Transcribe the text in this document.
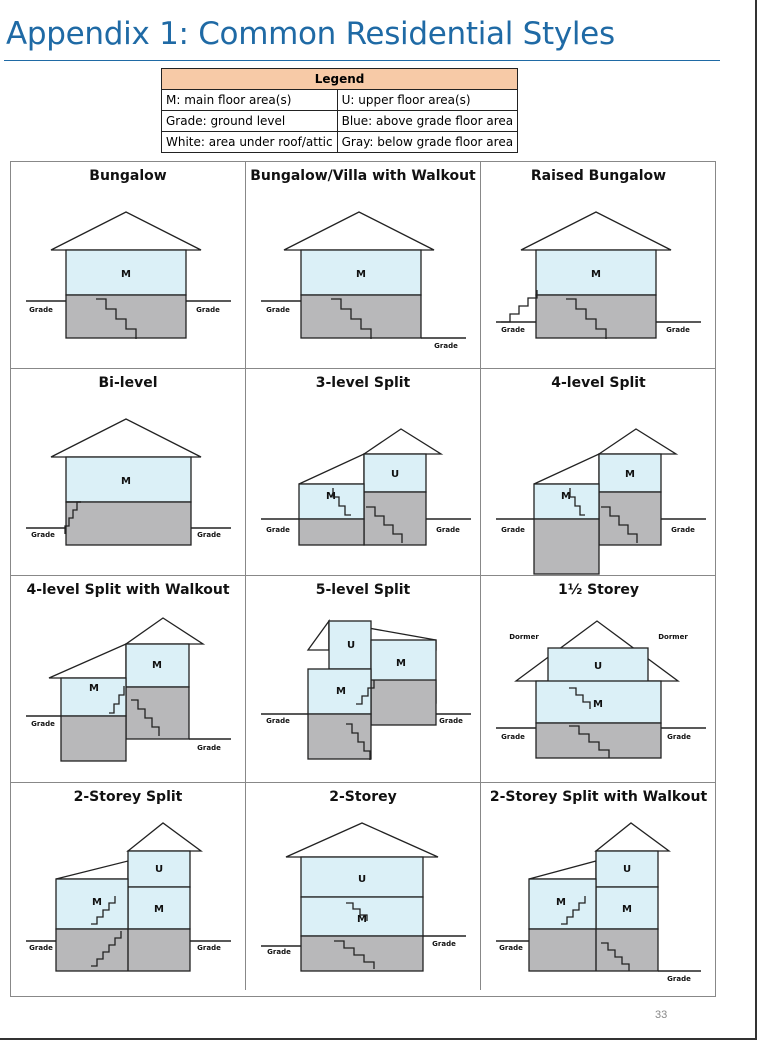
Appendix 1: Common Residential Styles
Legend	
M: main floor area(s)	U: upper floor area(s)
Grade: ground level	Blue: above grade floor area
White: area under roof/attic	Gray: below grade floor area
Bungalow
M
Grade	Grade
Bungalow/Villa with Walkout
M
Grade
Grade
Raised Bungalow
M
Grade	Grade
Bi-level
M
Grade	Grade
3-level Split
U
M
Grade	Grade
4-level Split
M
M
Grade	Grade
4-level Split with Walkout
M
M
Grade
Grade
5-level Split
U
M
M
Grade	Grade
1½ Storey
Dormer	Dormer
U
M
Grade	Grade
2-Storey Split
U
M
M
Grade	Grade
2-Storey
U
M
Grade
Grade
2-Storey Split with Walkout
U
M
M
Grade
Grade
33
